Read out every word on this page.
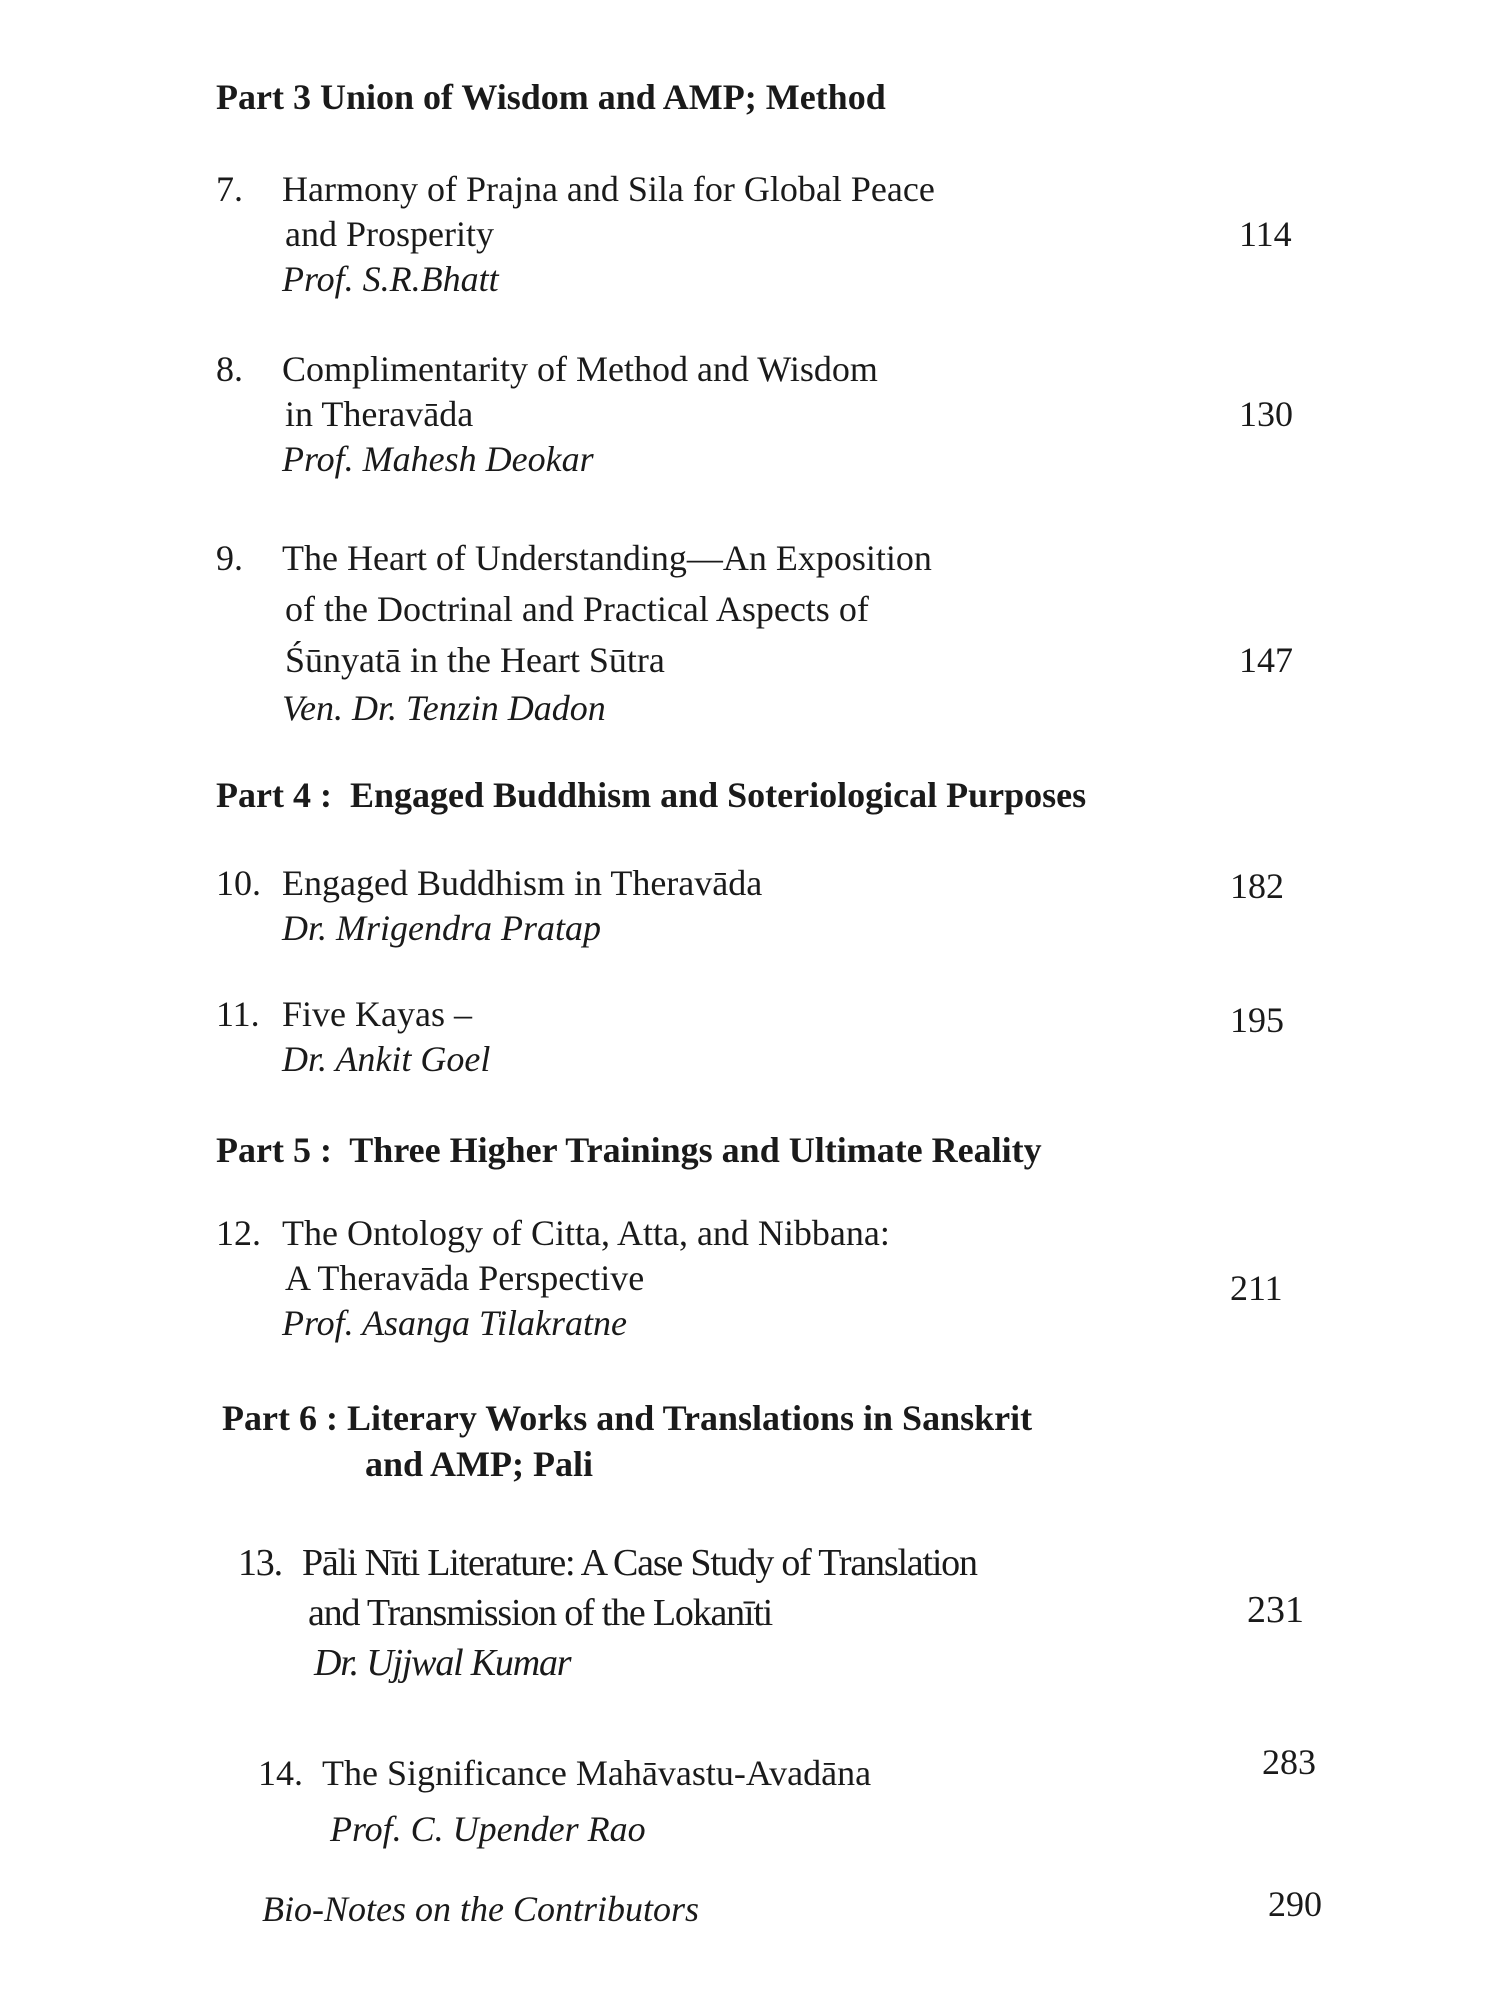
Part 3 Union of Wisdom and AMP; Method
7. Harmony of Prajna and Sila for Global Peace
and Prosperity
Prof. S.R.Bhatt
114
8. Complimentarity of Method and Wisdom
in Theravāda
Prof. Mahesh Deokar
130
9. The Heart of Understanding—An Exposition
of the Doctrinal and Practical Aspects of
Śūnyatā in the Heart Sūtra
Ven. Dr. Tenzin Dadon
147
Part 4 :  Engaged Buddhism and Soteriological Purposes
10. Engaged Buddhism in Theravāda
Dr. Mrigendra Pratap
182
11. Five Kayas –
Dr. Ankit Goel
195
Part 5 :  Three Higher Trainings and Ultimate Reality
12. The Ontology of Citta, Atta, and Nibbana:
A Theravāda Perspective
Prof. Asanga Tilakratne
211
Part 6 : Literary Works and Translations in Sanskrit
and AMP; Pali
13. Pāli Nīti Literature: A Case Study of Translation
and Transmission of the Lokanīti
Dr. Ujjwal Kumar
231
14. The Significance Mahāvastu-Avadāna
Prof. C. Upender Rao
283
Bio-Notes on the Contributors	290
